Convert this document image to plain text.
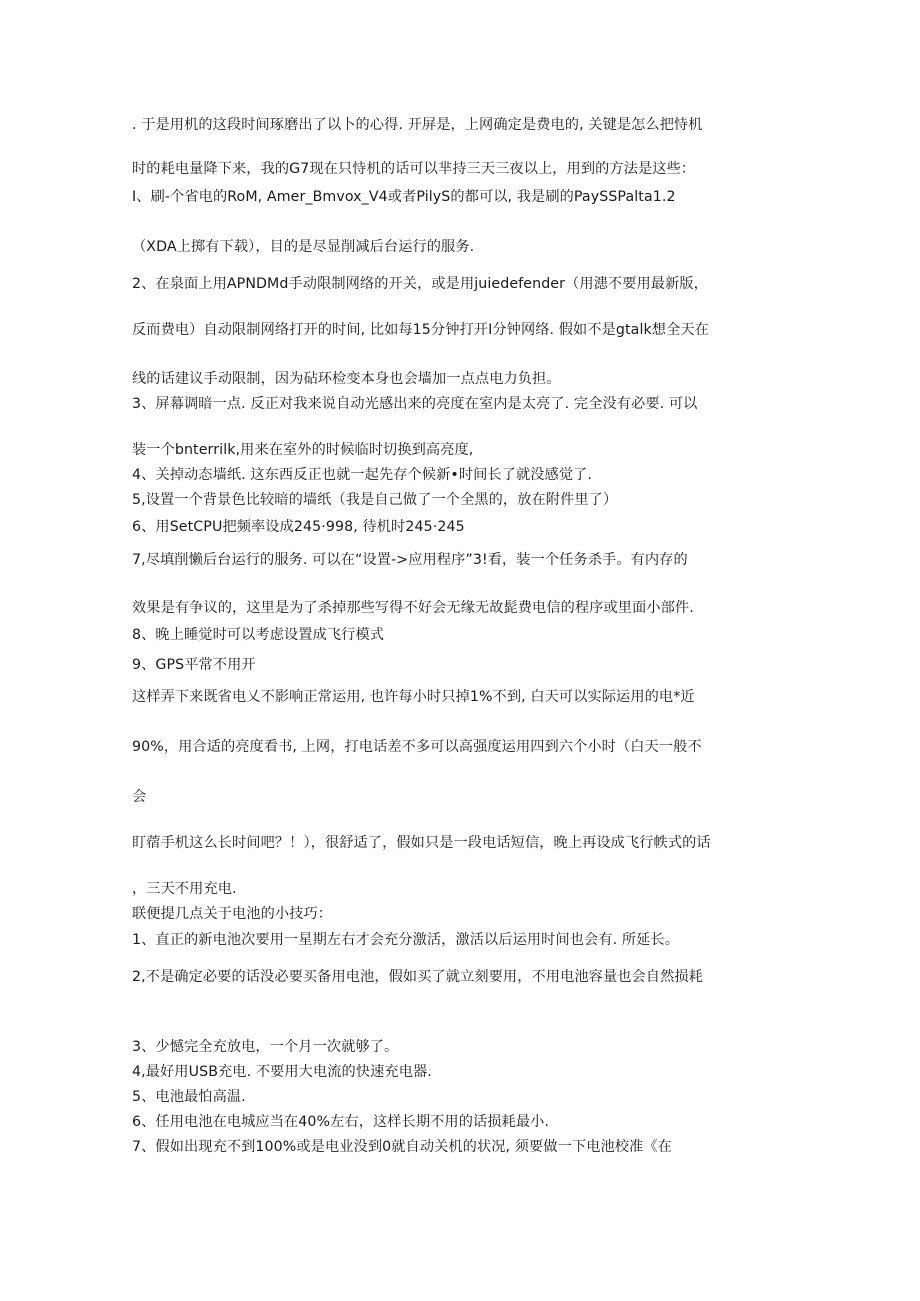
. 于是用机的这段时间琢磨出了以卜的心得. 开屏是，上网确定是费电的, 关键是怎么把恃机
时的耗电量降下来，我的G7现在只恃机的话可以芈持三天三夜以上，用到的方法是这些：
I、刷-个省电的RoM, Amer_Bmvox_V4或者PilyS的都可以, 我是刷的PaySSPalta1.2
（XDA上掷有下载），目的是尽显削减后台运行的服务.
2、在泉面上用APNDMd手动限制网络的开关，或是用juiedefender（用漶不要用最新版，
反而费电）自动限制网络打开的时间, 比如每15分钟打开I分钟网络. 假如不是gtalk想全天在
线的话建议手动限制，因为砧环检变本身也会墙加一点点电力负担。
3、屏幕调暗一点. 反正对我来说自动光感出来的亮度在室内是太亮了. 完全没有必要. 可以
装一个bnterrilk,用来在室外的时候临时切换到高亮度,
4、关掉动态墙纸. 这东西反正也就一起先存个候新•时间长了就没感觉了.
5,设置一个背景色比较暗的墙纸（我是自己做了一个全黑的，放在附件里了）
6、用SetCPU把频率设成245·998, 待机时245·245
7,尽填削懒后台运行的服务. 可以在“设置->应用程序”3!看，装一个任务杀手。有内存的
效果是有争议的，这里是为了杀掉那些写得不好会无缘无故髭费电信的程序或里面小部件.
8、晚上睡觉时可以考虑设置成飞行模式
9、GPS平常不用开
这样弄下来既省电乂不影响正常运用, 也许每小时只掉1%不到, 白天可以实际运用的电*近
90%，用合适的亮度看书, 上网，打电话差不多可以高强度运用四到六个小时（白天一般不
会
盯蓿手机这么长时间吧？！），很舒适了，假如只是一段电话短信，晚上再设成飞行帙式的话
，三天不用充电.
联便提几点关于电池的小技巧：
1、直正的新电池次要用一星期左右才会充分激活，激活以后运用时间也会有. 所延长。
2,不是确定必要的话没必要买备用电池，假如买了就立刻要用，不用电池容量也会自然损耗
3、少憾完全充放电，一个月一次就够了。
4,最好用USB充电. 不要用大电流的快速充电器.
5、电池最怕高温.
6、任用电池在电城应当在40%左右，这样长期不用的话损耗最小.
7、假如出现充不到100%或是电业没到0就自动关机的状况, 须要做一下电池校准《在
